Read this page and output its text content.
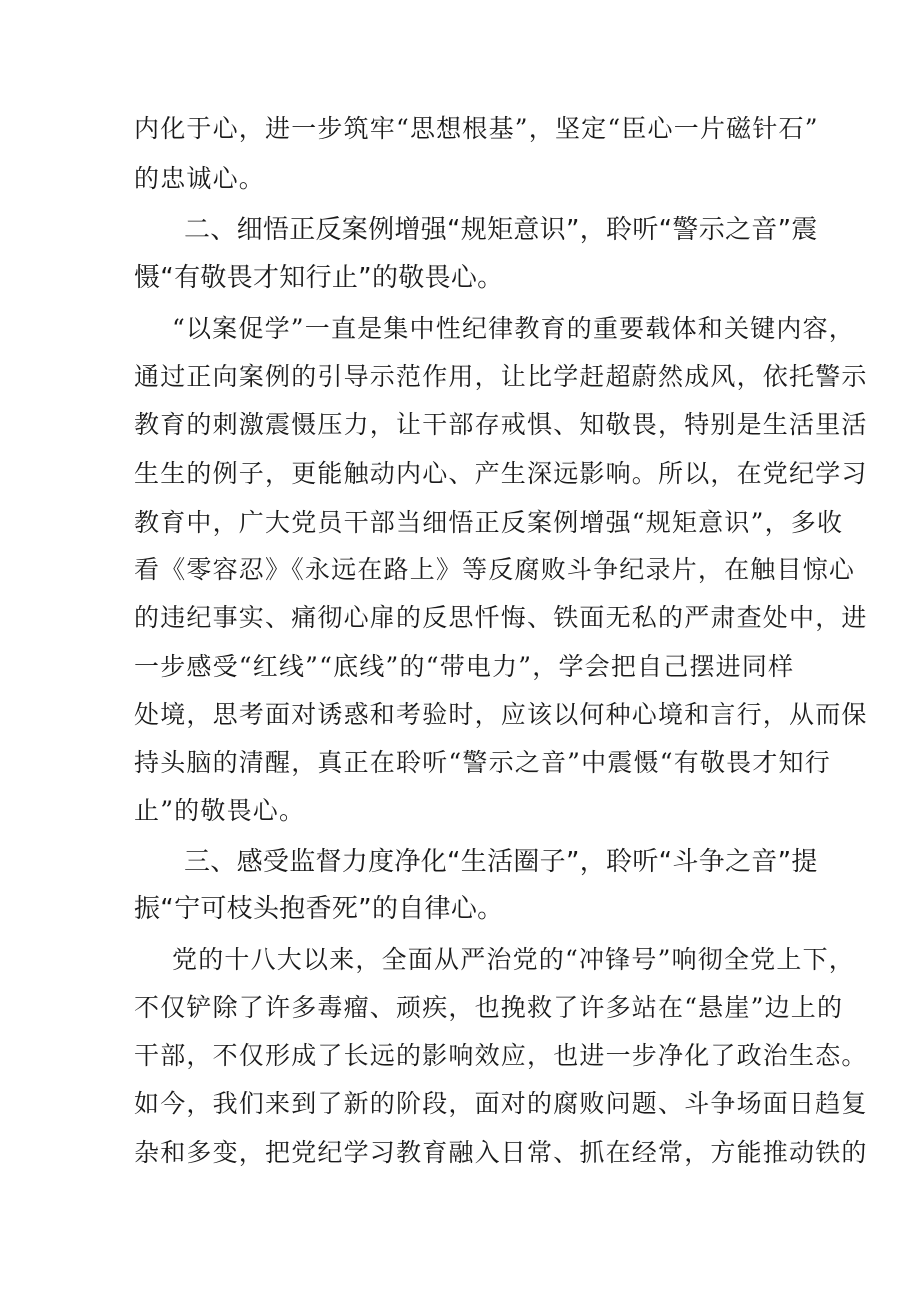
内化于心，进一步筑牢“思想根基”，坚定“臣心一片磁针石”
的忠诚心。
二、细悟正反案例增强“规矩意识”，聆听“警示之音”震
慑“有敬畏才知行止”的敬畏心。
“以案促学”一直是集中性纪律教育的重要载体和关键内容，
通过正向案例的引导示范作用，让比学赶超蔚然成风，依托警示
教育的刺激震慑压力，让干部存戒惧、知敬畏，特别是生活里活
生生的例子，更能触动内心、产生深远影响。所以，在党纪学习
教育中，广大党员干部当细悟正反案例增强“规矩意识”，多收
看《零容忍》《永远在路上》等反腐败斗争纪录片，在触目惊心
的违纪事实、痛彻心扉的反思忏悔、铁面无私的严肃查处中，进
一步感受“红线”“底线”的“带电力”，学会把自己摆进同样
处境，思考面对诱惑和考验时，应该以何种心境和言行，从而保
持头脑的清醒，真正在聆听“警示之音”中震慑“有敬畏才知行
止”的敬畏心。
三、感受监督力度净化“生活圈子”，聆听“斗争之音”提
振“宁可枝头抱香死”的自律心。
党的十八大以来，全面从严治党的“冲锋号”响彻全党上下，
不仅铲除了许多毒瘤、顽疾，也挽救了许多站在“悬崖”边上的
干部，不仅形成了长远的影响效应，也进一步净化了政治生态。
如今，我们来到了新的阶段，面对的腐败问题、斗争场面日趋复
杂和多变，把党纪学习教育融入日常、抓在经常，方能推动铁的
